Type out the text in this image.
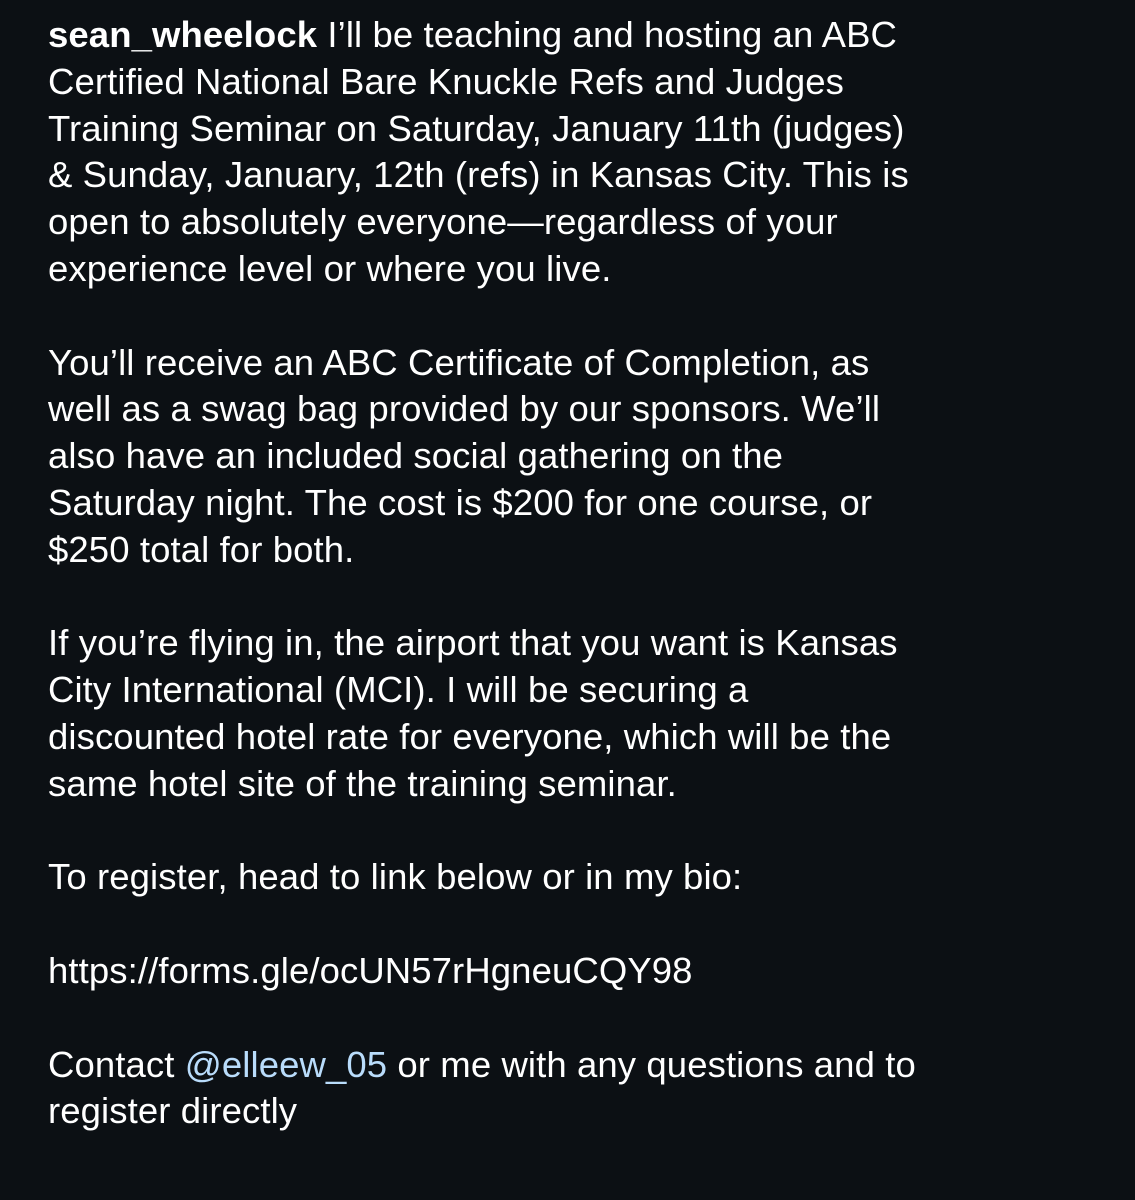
sean_wheelock I’ll be teaching and hosting an ABC
Certified National Bare Knuckle Refs and Judges
Training Seminar on Saturday, January 11th (judges)
& Sunday, January, 12th (refs) in Kansas City. This is
open to absolutely everyone—regardless of your
experience level or where you live.

You’ll receive an ABC Certificate of Completion, as
well as a swag bag provided by our sponsors. We’ll
also have an included social gathering on the
Saturday night. The cost is $200 for one course, or
$250 total for both.

If you’re flying in, the airport that you want is Kansas
City International (MCI). I will be securing a
discounted hotel rate for everyone, which will be the
same hotel site of the training seminar.

To register, head to link below or in my bio:

https://forms.gle/ocUN57rHgneuCQY98

Contact @elleew_05 or me with any questions and to
register directly
